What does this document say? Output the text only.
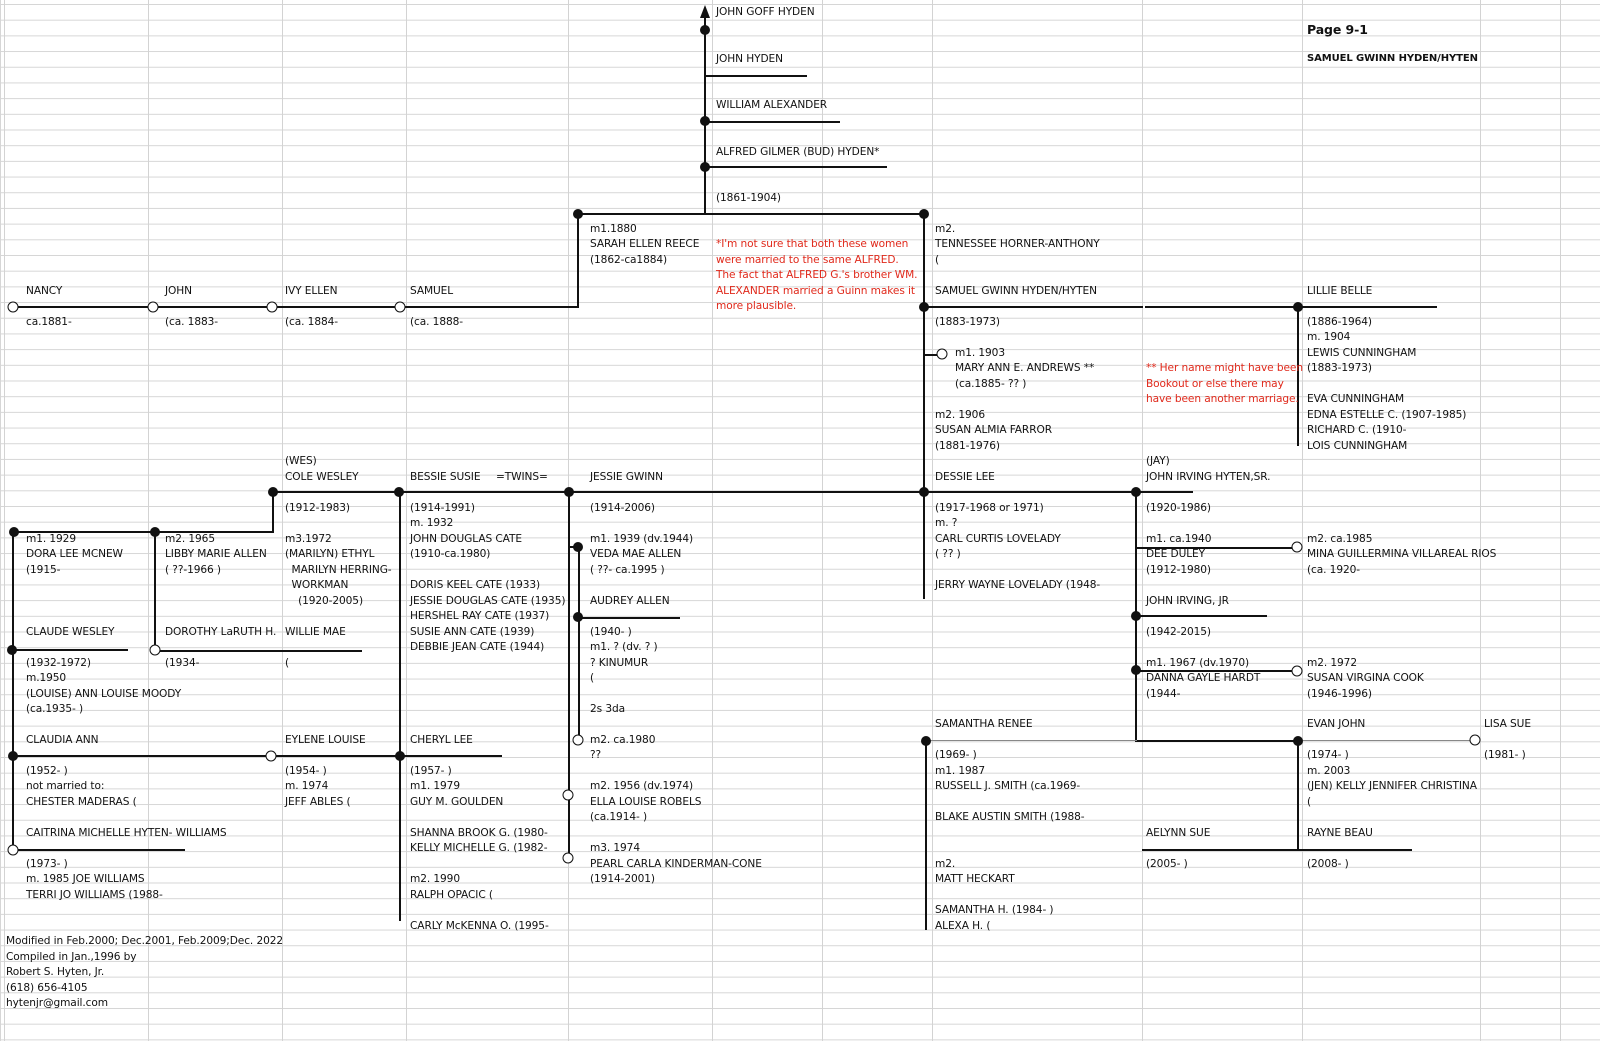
Page 9-1
SAMUEL GWINN HYDEN/HYTEN
JOHN GOFF HYDEN
JOHN HYDEN
WILLIAM ALEXANDER
ALFRED GILMER (BUD) HYDEN*
(1861-1904)
m1.1880
SARAH ELLEN REECE
(1862-ca1884)
m2.
TENNESSEE HORNER-ANTHONY
(
*I'm not sure that both these women
were married to the same ALFRED.
The fact that ALFRED G.'s brother WM.
ALEXANDER married a Guinn makes it
more plausible.
NANCY
ca.1881-
JOHN
(ca. 1883-
IVY ELLEN
(ca. 1884-
SAMUEL
(ca. 1888-
SAMUEL GWINN HYDEN/HYTEN
(1883-1973)
m1. 1903
MARY ANN E. ANDREWS **
(ca.1885- ?? )
m2. 1906
SUSAN ALMIA FARROR
(1881-1976)
** Her name might have been
Bookout or else there may
have been another marriage.
LILLIE BELLE
(1886-1964)
m. 1904
LEWIS CUNNINGHAM
(1883-1973)
EVA CUNNINGHAM
EDNA ESTELLE C. (1907-1985)
RICHARD C. (1910-
LOIS CUNNINGHAM
(WES)
COLE WESLEY
(1912-1983)
BESSIE SUSIE =TWINS=
(1914-1991)
m. 1932
JOHN DOUGLAS CATE
(1910-ca.1980)
DORIS KEEL CATE (1933)
JESSIE DOUGLAS CATE (1935)
HERSHEL RAY CATE (1937)
SUSIE ANN CATE (1939)
DEBBIE JEAN CATE (1944)
JESSIE GWINN
(1914-2006)
m1. 1939 (dv.1944)
VEDA MAE ALLEN
( ??- ca.1995 )
AUDREY ALLEN
(1940- )
m1. ? (dv. ? )
? KINUMUR
(
2s 3da
m2. ca.1980
??
m2. 1956 (dv.1974)
ELLA LOUISE ROBELS
(ca.1914- )
m3. 1974
PEARL CARLA KINDERMAN-CONE
(1914-2001)
DESSIE LEE
(1917-1968 or 1971)
m. ?
CARL CURTIS LOVELADY
( ?? )
JERRY WAYNE LOVELADY (1948-
(JAY)
JOHN IRVING HYTEN,SR.
(1920-1986)
m1. ca.1940
DEE DULEY
(1912-1980)
JOHN IRVING, JR
(1942-2015)
m1. 1967 (dv.1970)
DANNA GAYLE HARDT
(1944-
m2. ca.1985
MINA GUILLERMINA VILLAREAL RIOS
(ca. 1920-
m2. 1972
SUSAN VIRGINA COOK
(1946-1996)
m1. 1929
DORA LEE MCNEW
(1915-
m2. 1965
LIBBY MARIE ALLEN
( ??-1966 )
m3.1972
(MARILYN) ETHYL
MARILYN HERRING-
WORKMAN
(1920-2005)
CLAUDE WESLEY
(1932-1972)
m.1950
(LOUISE) ANN LOUISE MOODY
(ca.1935- )
DOROTHY LaRUTH H.
(1934-
WILLIE MAE
(
CLAUDIA ANN
(1952- )
not married to:
CHESTER MADERAS (
CAITRINA MICHELLE HYTEN- WILLIAMS
(1973- )
m. 1985 JOE WILLIAMS
TERRI JO WILLIAMS (1988-
EYLENE LOUISE
(1954- )
m. 1974
JEFF ABLES (
CHERYL LEE
(1957- )
m1. 1979
GUY M. GOULDEN
SHANNA BROOK G. (1980-
KELLY MICHELLE G. (1982-
m2. 1990
RALPH OPACIC (
CARLY McKENNA O. (1995-
SAMANTHA RENEE
(1969- )
m1. 1987
RUSSELL J. SMITH (ca.1969-
BLAKE AUSTIN SMITH (1988-
m2.
MATT HECKART
SAMANTHA H. (1984- )
ALEXA H. (
EVAN JOHN
(1974- )
m. 2003
(JEN) KELLY JENNIFER CHRISTINA
(
RAYNE BEAU
(2008- )
LISA SUE
(1981- )
AELYNN SUE
(2005- )
Modified in Feb.2000; Dec.2001, Feb.2009;Dec. 2022
Compiled in Jan.,1996 by
Robert S. Hyten, Jr.
(618) 656-4105
hytenjr@gmail.com
